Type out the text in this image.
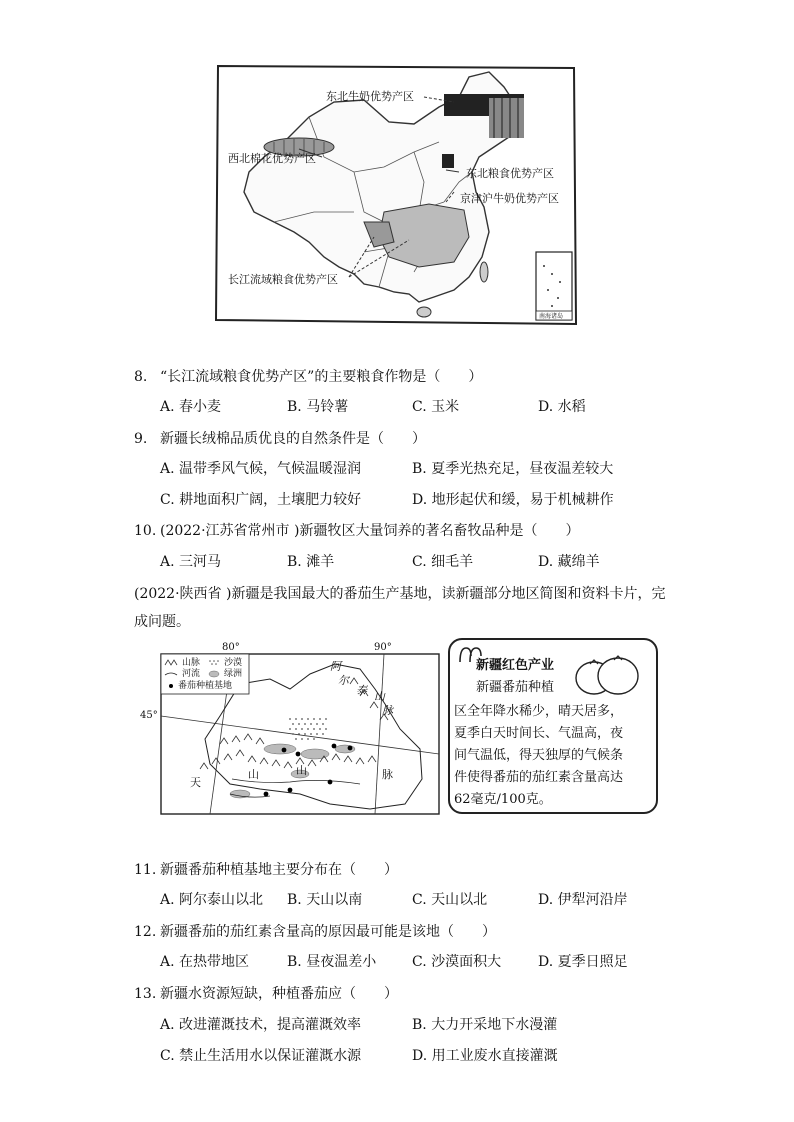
东北牛奶优势产区
西北棉花优势产区
东北粮食优势产区
京津沪牛奶优势产区
长江流域粮食优势产区
南海诸岛
8. “长江流域粮食优势产区”的主要粮食作物是（　　）
A. 春小麦	B. 马铃薯	C. 玉米	D. 水稻
9. 新疆长绒棉品质优良的自然条件是（　　）
A. 温带季风气候，气候温暖湿润	B. 夏季光热充足，昼夜温差较大
C. 耕地面积广阔，土壤肥力较好	D. 地形起伏和缓，易于机械耕作
10. (2022·江苏省常州市 )新疆牧区大量饲养的著名畜牧品种是（　　）
A. 三河马	B. 滩羊	C. 细毛羊	D. 藏绵羊
(2022·陕西省 )新疆是我国最大的番茄生产基地，读新疆部分地区简图和资料卡片，完
成问题。
山脉	沙漠
河流	绿洲
番茄种植基地
80°	90°
45°
阿
尔
泰 山
脉
天
山	山	脉
新疆红色产业
新疆番茄种植
区全年降水稀少，晴天居多，
夏季白天时间长、气温高，夜
间气温低，得天独厚的气候条
件使得番茄的茄红素含量高达
62毫克/100克。
11. 新疆番茄种植基地主要分布在（　　）
A. 阿尔泰山以北 B. 天山以南	C. 天山以北	D. 伊犁河沿岸
12. 新疆番茄的茄红素含量高的原因最可能是该地（　　）
A. 在热带地区	B. 昼夜温差小	C. 沙漠面积大	D. 夏季日照足
13. 新疆水资源短缺，种植番茄应（　　）
A. 改进灌溉技术，提高灌溉效率	B. 大力开采地下水漫灌
C. 禁止生活用水以保证灌溉水源	D. 用工业废水直接灌溉
